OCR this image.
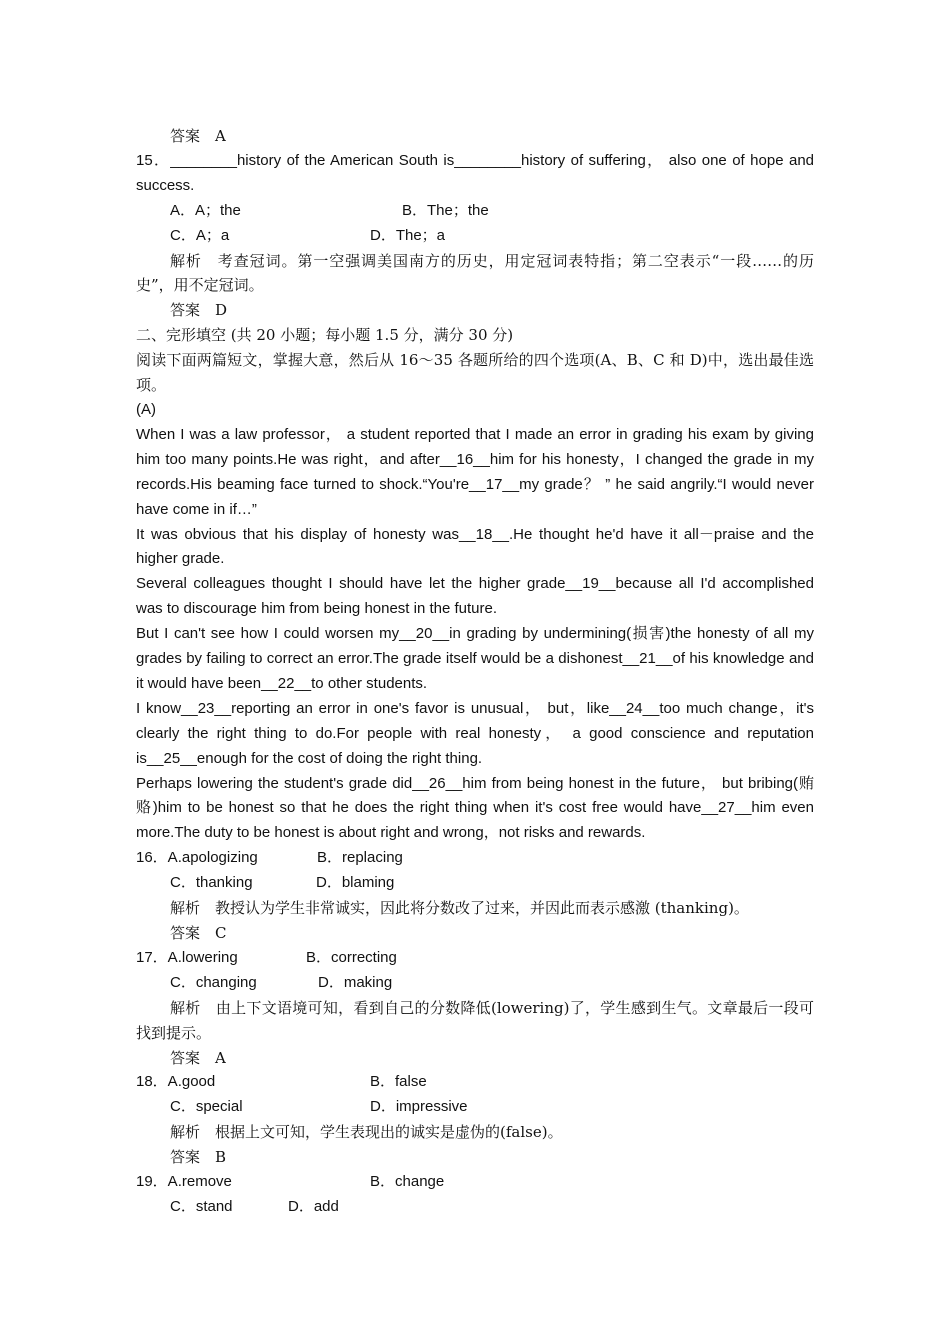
答案　A
15．________history of the American South is________history of suffering， also one of hope and success.
A．A；the	B．The；the
C．A；a	D．The；a
解析　考查冠词。第一空强调美国南方的历史，用定冠词表特指；第二空表示“一段……的历史”，用不定冠词。
答案　D
二、完形填空 (共 20 小题；每小题 1.5 分，满分 30 分)
阅读下面两篇短文，掌握大意，然后从 16～35 各题所给的四个选项(A、B、C 和 D)中，选出最佳选项。
(A)
When I was a law professor， a student reported that I made an error in grading his exam by giving him too many points.He was right，and after__16__him for his honesty，I changed the grade in my records.His beaming face turned to shock.“You're__17__my grade？ ” he said angrily.“I would never have come in if…”
It was obvious that his display of honesty was__18__.He thought he'd have it all－praise and the higher grade.
Several colleagues thought I should have let the higher grade__19__because all I'd accomplished was to discourage him from being honest in the future.
But I can't see how I could worsen my__20__in grading by undermining(损害)the honesty of all my grades by failing to correct an error.The grade itself would be a dishonest__21__of his knowledge and it would have been__22__to other students.
I know__23__reporting an error in one's favor is unusual， but，like__24__too much change，it's clearly the right thing to do.For people with real honesty， a good conscience and reputation is__25__enough for the cost of doing the right thing.
Perhaps lowering the student's grade did__26__him from being honest in the future， but bribing(贿赂)him to be honest so that he does the right thing when it's cost free would have__27__him even more.The duty to be honest is about right and wrong，not risks and rewards.
16．A.apologizing	B．replacing
C．thanking	D．blaming
解析　教授认为学生非常诚实，因此将分数改了过来，并因此而表示感激 (thanking)。
答案　C
17．A.lowering	B．correcting
C．changing	D．making
解析　由上下文语境可知，看到自己的分数降低(lowering)了，学生感到生气。文章最后一段可找到提示。
答案　A
18．A.good	B．false
C．special	D．impressive
解析　根据上文可知，学生表现出的诚实是虚伪的(false)。
答案　B
19．A.remove	B．change
C．stand	D．add
